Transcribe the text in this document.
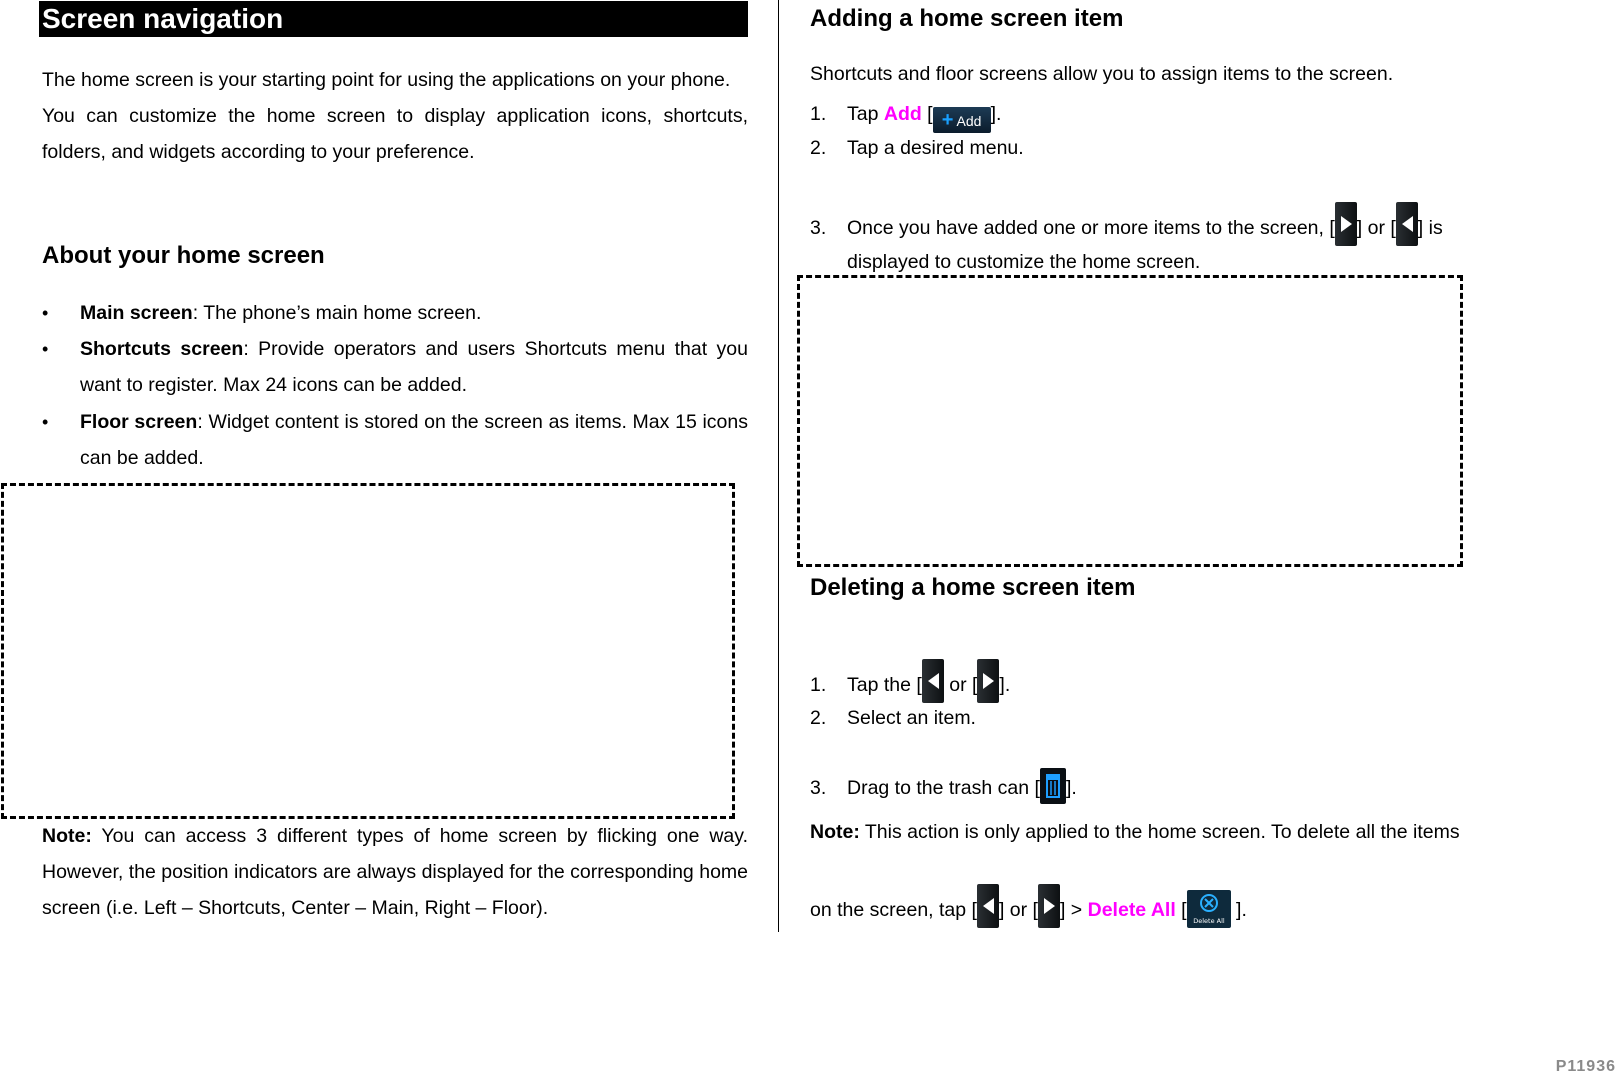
Screen navigation

The home screen is your starting point for using the applications on your phone.

You can customize the home screen to display application icons, shortcuts, folders, and widgets according to your preference.

About your home screen
•	Main screen: The phone’s main home screen.
•	Shortcuts screen: Provide operators and users Shortcuts menu that you want to register. Max 24 icons can be added.
•	Floor screen: Widget content is stored on the screen as items. Max 15 icons can be added.
Note: You can access 3 different types of home screen by flicking one way. However, the position indicators are always displayed for the corresponding home screen (i.e. Left – Shortcuts, Center – Main, Right – Floor).
Adding a home screen item
Shortcuts and floor screens allow you to assign items to the screen.
1. Tap Add [ + Add ].
2. Tap a desired menu.
3. Once you have added one or more items to the screen, [ ] or [ ] is
displayed to customize the home screen.
Deleting a home screen item
1. Tap the [ or [ ].
2. Select an item.
3. Drag to the trash can [ ].
Note: This action is only applied to the home screen. To delete all the items
on the screen, tap [ ] or [ ] > Delete All [ Delete All ].
P11936
